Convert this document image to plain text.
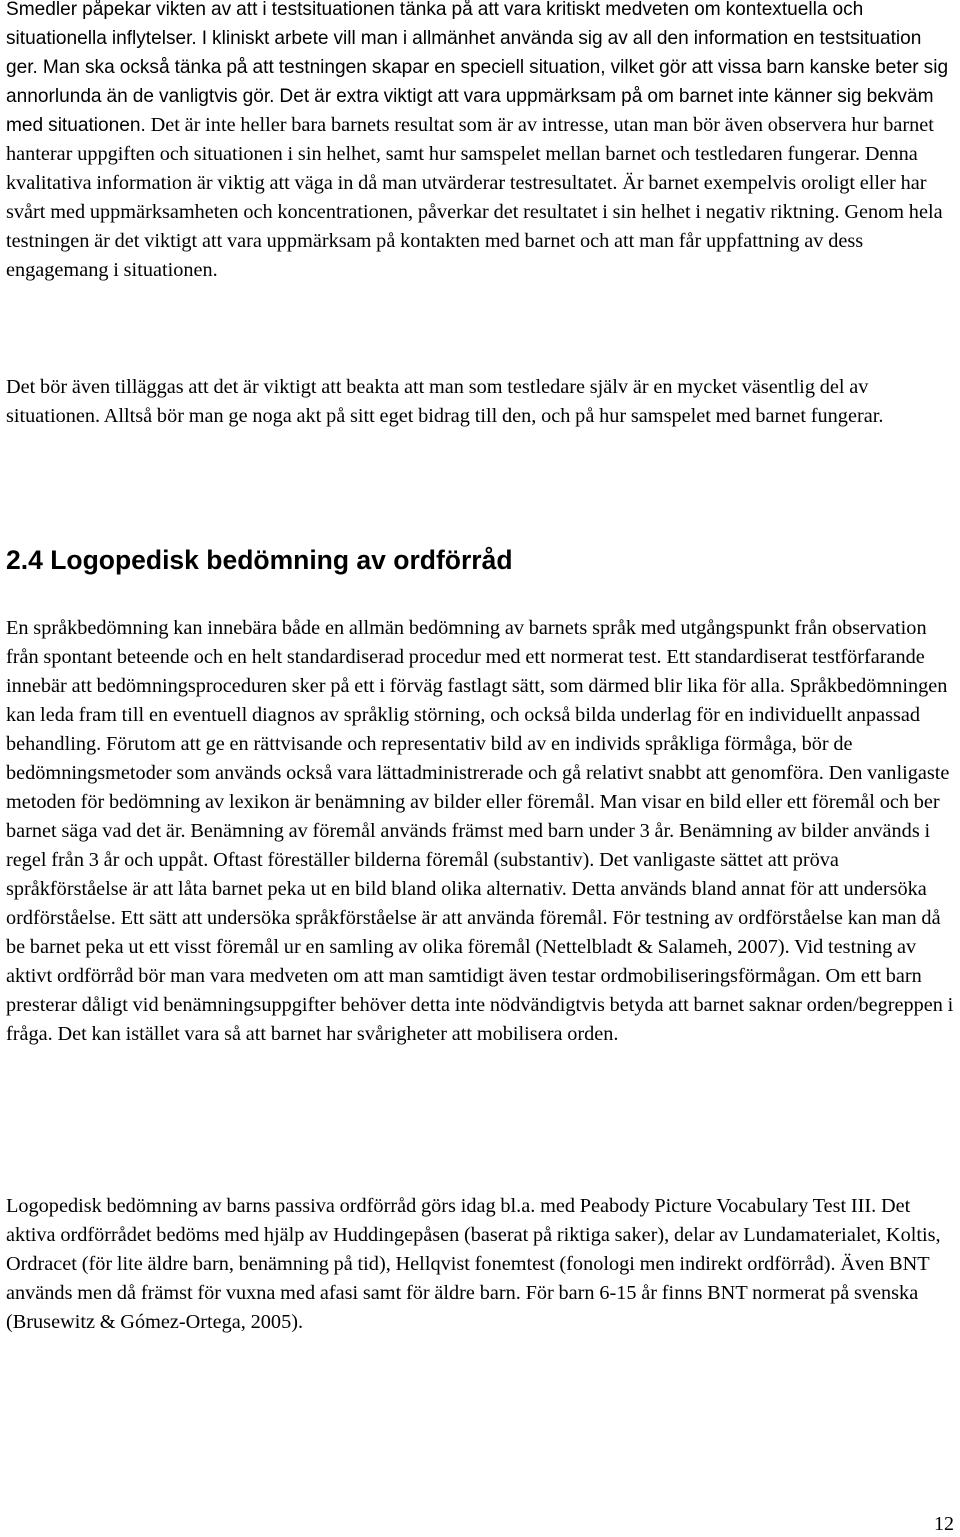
Smedler påpekar vikten av att i testsituationen tänka på att vara kritiskt medveten om kontextuella och situationella inflytelser. I kliniskt arbete vill man i allmänhet använda sig av all den information en testsituation ger. Man ska också tänka på att testningen skapar en speciell situation, vilket gör att vissa barn kanske beter sig annorlunda än de vanligtvis gör. Det är extra viktigt att vara uppmärksam på om barnet inte känner sig bekväm med situationen. Det är inte heller bara barnets resultat som är av intresse, utan man bör även observera hur barnet hanterar uppgiften och situationen i sin helhet, samt hur samspelet mellan barnet och testledaren fungerar. Denna kvalitativa information är viktig att väga in då man utvärderar testresultatet. Är barnet exempelvis oroligt eller har svårt med uppmärksamheten och koncentrationen, påverkar det resultatet i sin helhet i negativ riktning. Genom hela testningen är det viktigt att vara uppmärksam på kontakten med barnet och att man får uppfattning av dess engagemang i situationen.

Det bör även tilläggas att det är viktigt att beakta att man som testledare själv är en mycket väsentlig del av situationen. Alltså bör man ge noga akt på sitt eget bidrag till den, och på hur samspelet med barnet fungerar.

2.4 Logopedisk bedömning av ordförråd

En språkbedömning kan innebära både en allmän bedömning av barnets språk med utgångspunkt från observation från spontant beteende och en helt standardiserad procedur med ett normerat test. Ett standardiserat testförfarande innebär att bedömningsproceduren sker på ett i förväg fastlagt sätt, som därmed blir lika för alla. Språkbedömningen kan leda fram till en eventuell diagnos av språklig störning, och också bilda underlag för en individuellt anpassad behandling. Förutom att ge en rättvisande och representativ bild av en individs språkliga förmåga, bör de bedömningsmetoder som används också vara lättadministrerade och gå relativt snabbt att genomföra. Den vanligaste metoden för bedömning av lexikon är benämning av bilder eller föremål. Man visar en bild eller ett föremål och ber barnet säga vad det är. Benämning av föremål används främst med barn under 3 år. Benämning av bilder används i regel från 3 år och uppåt. Oftast föreställer bilderna föremål (substantiv). Det vanligaste sättet att pröva språkförståelse är att låta barnet peka ut en bild bland olika alternativ. Detta används bland annat för att undersöka ordförståelse. Ett sätt att undersöka språkförståelse är att använda föremål. För testning av ordförståelse kan man då be barnet peka ut ett visst föremål ur en samling av olika föremål (Nettelbladt & Salameh, 2007). Vid testning av aktivt ordförråd bör man vara medveten om att man samtidigt även testar ordmobiliseringsförmågan. Om ett barn presterar dåligt vid benämningsuppgifter behöver detta inte nödvändigtvis betyda att barnet saknar orden/begreppen i fråga. Det kan istället vara så att barnet har svårigheter att mobilisera orden.

Logopedisk bedömning av barns passiva ordförråd görs idag bl.a. med Peabody Picture Vocabulary Test III. Det aktiva ordförrådet bedöms med hjälp av Huddingepåsen (baserat på riktiga saker), delar av Lundamaterialet, Koltis, Ordracet (för lite äldre barn, benämning på tid), Hellqvist fonemtest (fonologi men indirekt ordförråd). Även BNT används men då främst för vuxna med afasi samt för äldre barn. För barn 6-15 år finns BNT normerat på svenska (Brusewitz & Gómez-Ortega, 2005).

12
